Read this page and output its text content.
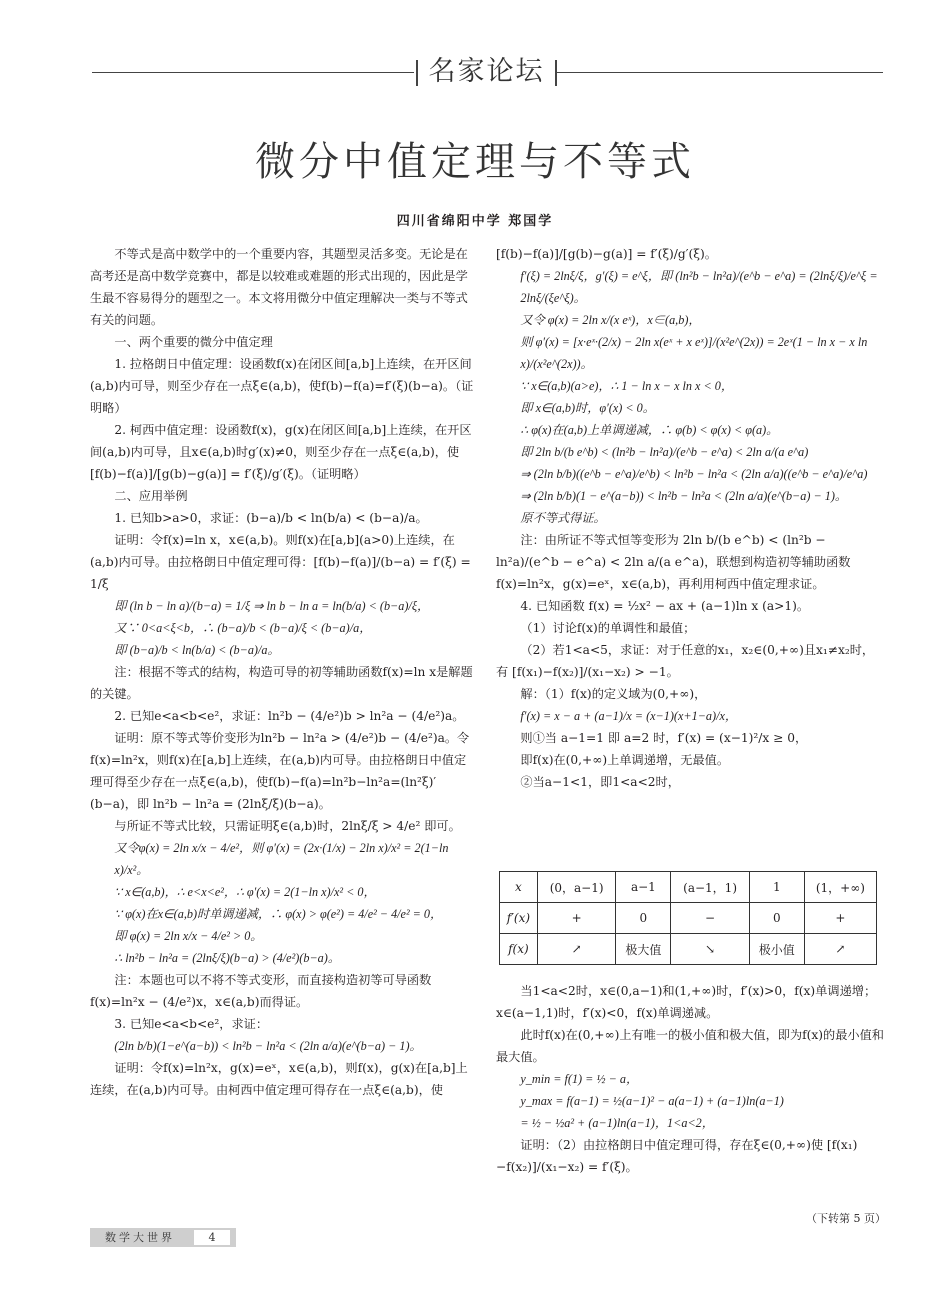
名家论坛
微分中值定理与不等式
四川省绵阳中学 郑国学

不等式是高中数学中的一个重要内容，其题型灵活多变。无论是在高考还是高中数学竞赛中，都是以较难或难题的形式出现的，因此是学生最不容易得分的题型之一。本文将用微分中值定理解决一类与不等式有关的问题。

一、两个重要的微分中值定理

1. 拉格朗日中值定理：设函数f(x)在闭区间[a,b]上连续，在开区间(a,b)内可导，则至少存在一点ξ∈(a,b)，使f(b)−f(a)=f′(ξ)(b−a)。（证明略）

2. 柯西中值定理：设函数f(x)，g(x)在闭区间[a,b]上连续，在开区间(a,b)内可导，且x∈(a,b)时g′(x)≠0，则至少存在一点ξ∈(a,b)，使[f(b)−f(a)]/[g(b)−g(a)] = f′(ξ)/g′(ξ)。（证明略）

二、应用举例

1. 已知b>a>0，求证：(b−a)/b < ln(b/a) < (b−a)/a。

证明：令f(x)=ln x，x∈(a,b)。则f(x)在[a,b](a>0)上连续，在(a,b)内可导。由拉格朗日中值定理可得：[f(b)−f(a)]/(b−a) = f′(ξ) = 1/ξ

即 (ln b − ln a)/(b−a) = 1/ξ ⇒ ln b − ln a = ln(b/a) < (b−a)/ξ，

又∵ 0<a<ξ<b，∴ (b−a)/b < (b−a)/ξ < (b−a)/a，

即 (b−a)/b < ln(b/a) < (b−a)/a。

注：根据不等式的结构，构造可导的初等辅助函数f(x)=ln x是解题的关键。

2. 已知e<a<b<e²，求证：ln²b − (4/e²)b > ln²a − (4/e²)a。

证明：原不等式等价变形为ln²b − ln²a > (4/e²)b − (4/e²)a。令f(x)=ln²x，则f(x)在[a,b]上连续，在(a,b)内可导。由拉格朗日中值定理可得至少存在一点ξ∈(a,b)，使f(b)−f(a)=ln²b−ln²a=(ln²ξ)′(b−a)，即 ln²b − ln²a = (2lnξ/ξ)(b−a)。

与所证不等式比较，只需证明ξ∈(a,b)时，2lnξ/ξ > 4/e² 即可。

又令φ(x) = 2ln x/x − 4/e²，则 φ′(x) = (2x·(1/x) − 2ln x)/x² = 2(1−ln x)/x²。

∵ x∈(a,b)，∴ e<x<e²，∴ φ′(x) = 2(1−ln x)/x² < 0，

∵ φ(x)在x∈(a,b)时单调递减，∴ φ(x) > φ(e²) = 4/e² − 4/e² = 0，

即 φ(x) = 2ln x/x − 4/e² > 0。

∴ ln²b − ln²a = (2lnξ/ξ)(b−a) > (4/e²)(b−a)。

注：本题也可以不将不等式变形，而直接构造初等可导函数f(x)=ln²x − (4/e²)x，x∈(a,b)而得证。

3. 已知e<a<b<e²，求证：

(2ln b/b)(1−e^(a−b)) < ln²b − ln²a < (2ln a/a)(e^(b−a) − 1)。

证明：令f(x)=ln²x，g(x)=eˣ，x∈(a,b)，则f(x)，g(x)在[a,b]上连续，在(a,b)内可导。由柯西中值定理可得存在一点ξ∈(a,b)，使

[f(b)−f(a)]/[g(b)−g(a)] = f′(ξ)/g′(ξ)。

f′(ξ) = 2lnξ/ξ，g′(ξ) = e^ξ，即 (ln²b − ln²a)/(e^b − e^a) = (2lnξ/ξ)/e^ξ = 2lnξ/(ξe^ξ)。

又令 φ(x) = 2ln x/(x eˣ)，x∈(a,b)，

则 φ′(x) = [x·eˣ·(2/x) − 2ln x(eˣ + x eˣ)]/(x²e^(2x)) = 2eˣ(1 − ln x − x ln x)/(x²e^(2x))。

∵ x∈(a,b)(a>e)，∴ 1 − ln x − x ln x < 0，

即 x∈(a,b)时，φ′(x) < 0。

∴ φ(x)在(a,b)上单调递减，∴ φ(b) < φ(x) < φ(a)。

即 2ln b/(b e^b) < (ln²b − ln²a)/(e^b − e^a) < 2ln a/(a e^a)

⇒ (2ln b/b)((e^b − e^a)/e^b) < ln²b − ln²a < (2ln a/a)((e^b − e^a)/e^a)

⇒ (2ln b/b)(1 − e^(a−b)) < ln²b − ln²a < (2ln a/a)(e^(b−a) − 1)。

原不等式得证。

注：由所证不等式恒等变形为 2ln b/(b e^b) < (ln²b − ln²a)/(e^b − e^a) < 2ln a/(a e^a)，联想到构造初等辅助函数f(x)=ln²x，g(x)=eˣ，x∈(a,b)，再利用柯西中值定理求证。

4. 已知函数 f(x) = ½x² − ax + (a−1)ln x (a>1)。

（1）讨论f(x)的单调性和最值；

（2）若1<a<5，求证：对于任意的x₁，x₂∈(0,+∞)且x₁≠x₂时，有 [f(x₁)−f(x₂)]/(x₁−x₂) > −1。

解：（1）f(x)的定义域为(0,+∞)，

f′(x) = x − a + (a−1)/x = (x−1)(x+1−a)/x，

则①当 a−1=1 即 a=2 时，f′(x) = (x−1)²/x ≥ 0，

即f(x)在(0,+∞)上单调递增，无最值。

②当a−1<1，即1<a<2时，

x	(0，a−1)	a−1	(a−1，1)	1	(1，+∞)
f′(x)	+	0	−	0	+
f(x)	↗	极大值	↘	极小值	↗

当1<a<2时，x∈(0,a−1)和(1,+∞)时，f′(x)>0，f(x)单调递增；x∈(a−1,1)时，f′(x)<0，f(x)单调递减。

此时f(x)在(0,+∞)上有唯一的极小值和极大值，即为f(x)的最小值和最大值。

y_min = f(1) = ½ − a，

y_max = f(a−1) = ½(a−1)² − a(a−1) + (a−1)ln(a−1)

= ½ − ½a² + (a−1)ln(a−1)，1<a<2，

证明：（2）由拉格朗日中值定理可得，存在ξ∈(0,+∞)使 [f(x₁)−f(x₂)]/(x₁−x₂) = f′(ξ)。

（下转第 5 页）
数学大世界	4
